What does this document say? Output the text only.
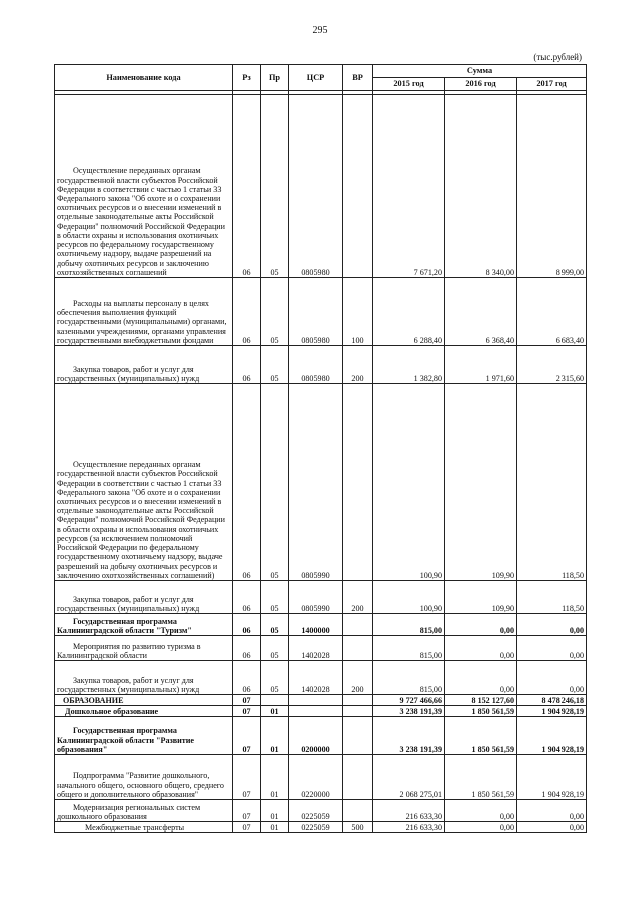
295
(тыс.рублей)
Наименование кода	Рз	Пр	ЦСР	ВР	Сумма		
					2015 год	2016 год	2017 год

Осуществление переданных органам государственной власти субъектов Российской Федерации в соответствии с частью 1 статьи 33 Федерального закона "Об охоте и о сохранении охотничьих ресурсов и о внесении изменений в отдельные законодательные акты Российской Федерации" полномочий Российской Федерации в области охраны и использования охотничьих ресурсов по федеральному государственному охотничьему надзору, выдаче разрешений на добычу охотничьих ресурсов и заключению охотхозяйственных соглашений	06	05	0805980		7 671,20	8 340,00	8 999,00

Расходы на выплаты персоналу в целях обеспечения выполнения функций государственными (муниципальными) органами, казенными учреждениями, органами управления государственными внебюджетными фондами	06	05	0805980	100	6 288,40	6 368,40	6 683,40

Закупка товаров, работ и услуг для государственных (муниципальных) нужд	06	05	0805980	200	1 382,80	1 971,60	2 315,60

Осуществление переданных органам государственной власти субъектов Российской Федерации в соответствии с частью 1 статьи 33 Федерального закона "Об охоте и о сохранении охотничьих ресурсов и о внесении изменений в отдельные законодательные акты Российской Федерации" полномочий Российской Федерации в области охраны и использования охотничьих ресурсов (за исключением полномочий Российской Федерации по федеральному государственному охотничьему надзору, выдаче разрешений на добычу охотничьих ресурсов и заключению охотхозяйственных соглашений)	06	05	0805990		100,90	109,90	118,50

Закупка товаров, работ и услуг для государственных (муниципальных) нужд	06	05	0805990	200	100,90	109,90	118,50

Государственная программа Калининградской области "Туризм"	06	05	1400000		815,00	0,00	0,00

Мероприятия по развитию туризма в Калининградской области	06	05	1402028		815,00	0,00	0,00

Закупка товаров, работ и услуг для государственных (муниципальных) нужд	06	05	1402028	200	815,00	0,00	0,00

ОБРАЗОВАНИЕ	07				9 727 466,66	8 152 127,60	8 478 246,18

Дошкольное образование	07	01			3 238 191,39	1 850 561,59	1 904 928,19

Государственная программа Калининградской области "Развитие образования"	07	01	0200000		3 238 191,39	1 850 561,59	1 904 928,19

Подпрограмма "Развитие дошкольного, начального общего, основного общего, среднего общего и дополнительного образования"	07	01	0220000		2 068 275,01	1 850 561,59	1 904 928,19

Модернизация региональных систем дошкольного образования	07	01	0225059		216 633,30	0,00	0,00

Межбюджетные трансферты	07	01	0225059	500	216 633,30	0,00	0,00
